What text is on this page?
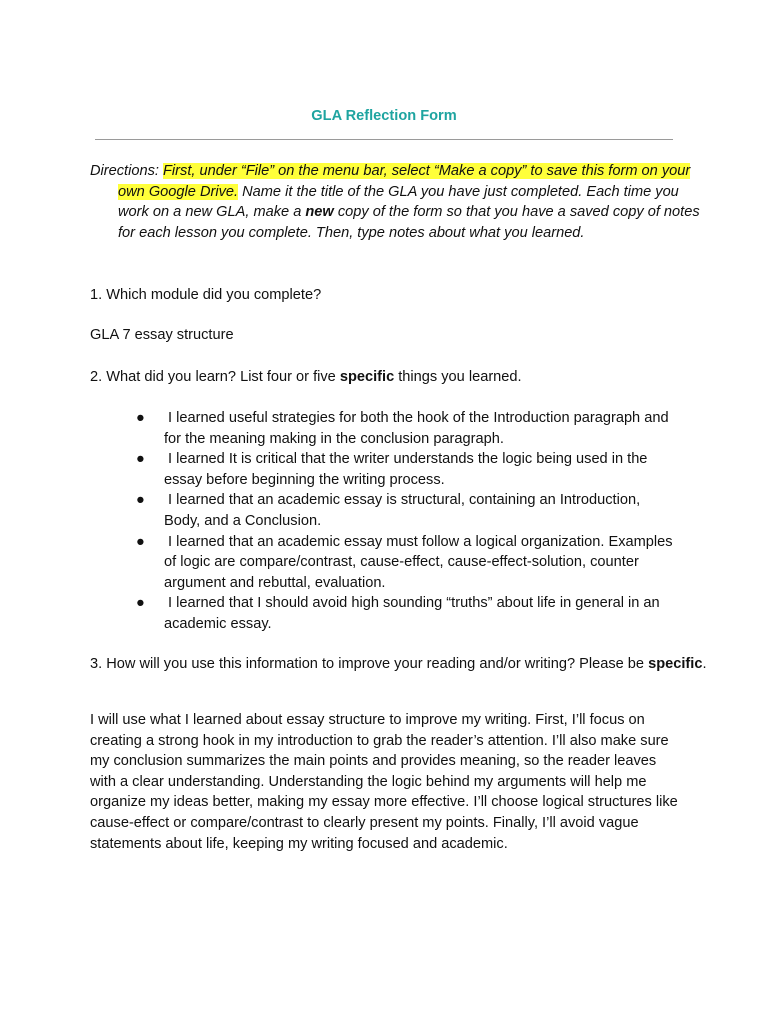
GLA Reflection Form
Directions: First, under “File” on the menu bar, select “Make a copy” to save this form on your own Google Drive. Name it the title of the GLA you have just completed. Each time you work on a new GLA, make a new copy of the form so that you have a saved copy of notes for each lesson you complete. Then, type notes about what you learned.
1. Which module did you complete?
GLA 7 essay structure
2. What did you learn? List four or five specific things you learned.
● I learned useful strategies for both the hook of the Introduction paragraph and for the meaning making in the conclusion paragraph.
● I learned It is critical that the writer understands the logic being used in the essay before beginning the writing process.
● I learned that an academic essay is structural, containing an Introduction, Body, and a Conclusion.
● I learned that an academic essay must follow a logical organization. Examples of logic are compare/contrast, cause-effect, cause-effect-solution, counter argument and rebuttal, evaluation.
● I learned that I should avoid high sounding “truths” about life in general in an academic essay.
3. How will you use this information to improve your reading and/or writing? Please be specific.
I will use what I learned about essay structure to improve my writing. First, I’ll focus on creating a strong hook in my introduction to grab the reader’s attention. I’ll also make sure my conclusion summarizes the main points and provides meaning, so the reader leaves with a clear understanding. Understanding the logic behind my arguments will help me organize my ideas better, making my essay more effective. I’ll choose logical structures like cause-effect or compare/contrast to clearly present my points. Finally, I’ll avoid vague statements about life, keeping my writing focused and academic.
